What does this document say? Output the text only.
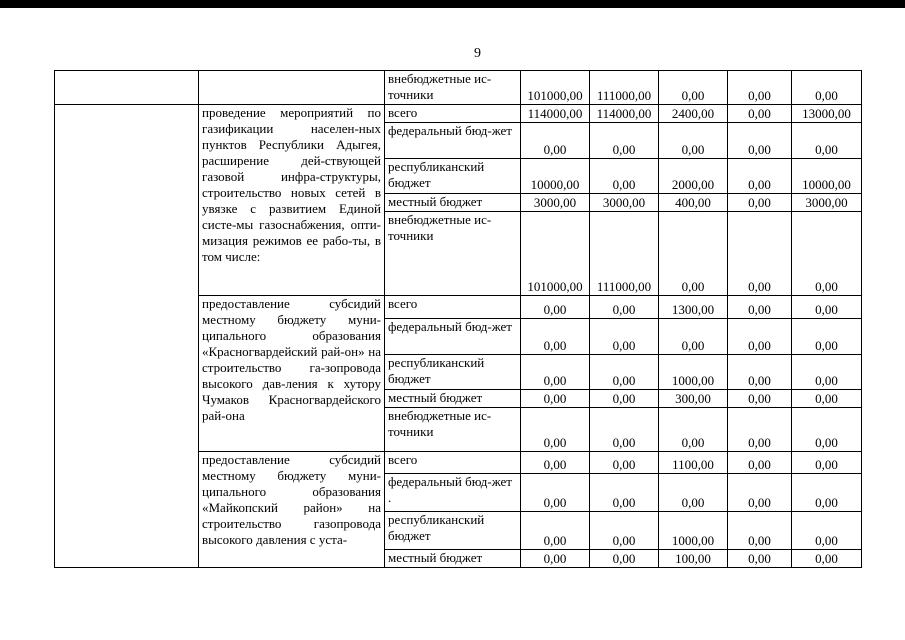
9
		внебюджетные ис-точники	101000,00	111000,00	0,00	0,00	0,00
	проведение мероприятий по газификации населен-ных пунктов Республики Адыгея, расширение дей-ствующей газовой инфра-структуры, строительство новых сетей в увязке с развитием Единой систе-мы газоснабжения, опти-мизация режимов ее рабо-ты, в том числе:	всего	114000,00	114000,00	2400,00	0,00	13000,00
		федеральный бюд-жет	0,00	0,00	0,00	0,00	0,00
		республиканский бюджет	10000,00	0,00	2000,00	0,00	10000,00
		местный бюджет	3000,00	3000,00	400,00	0,00	3000,00
		внебюджетные ис-точники	101000,00	111000,00	0,00	0,00	0,00
	предоставление субсидий местному бюджету муни-ципального образования «Красногвардейский рай-он» на строительство га-зопровода высокого дав-ления к хутору Чумаков Красногвардейского рай-она	всего	0,00	0,00	1300,00	0,00	0,00
		федеральный бюд-жет	0,00	0,00	0,00	0,00	0,00
		республиканский бюджет	0,00	0,00	1000,00	0,00	0,00
		местный бюджет	0,00	0,00	300,00	0,00	0,00
		внебюджетные ис-точники	0,00	0,00	0,00	0,00	0,00
	предоставление субсидий местному бюджету муни-ципального образования «Майкопский район» на строительство газопровода высокого давления с уста-	всего	0,00	0,00	1100,00	0,00	0,00
		федеральный бюд-жет .	0,00	0,00	0,00	0,00	0,00
		республиканский бюджет	0,00	0,00	1000,00	0,00	0,00
		местный бюджет	0,00	0,00	100,00	0,00	0,00
